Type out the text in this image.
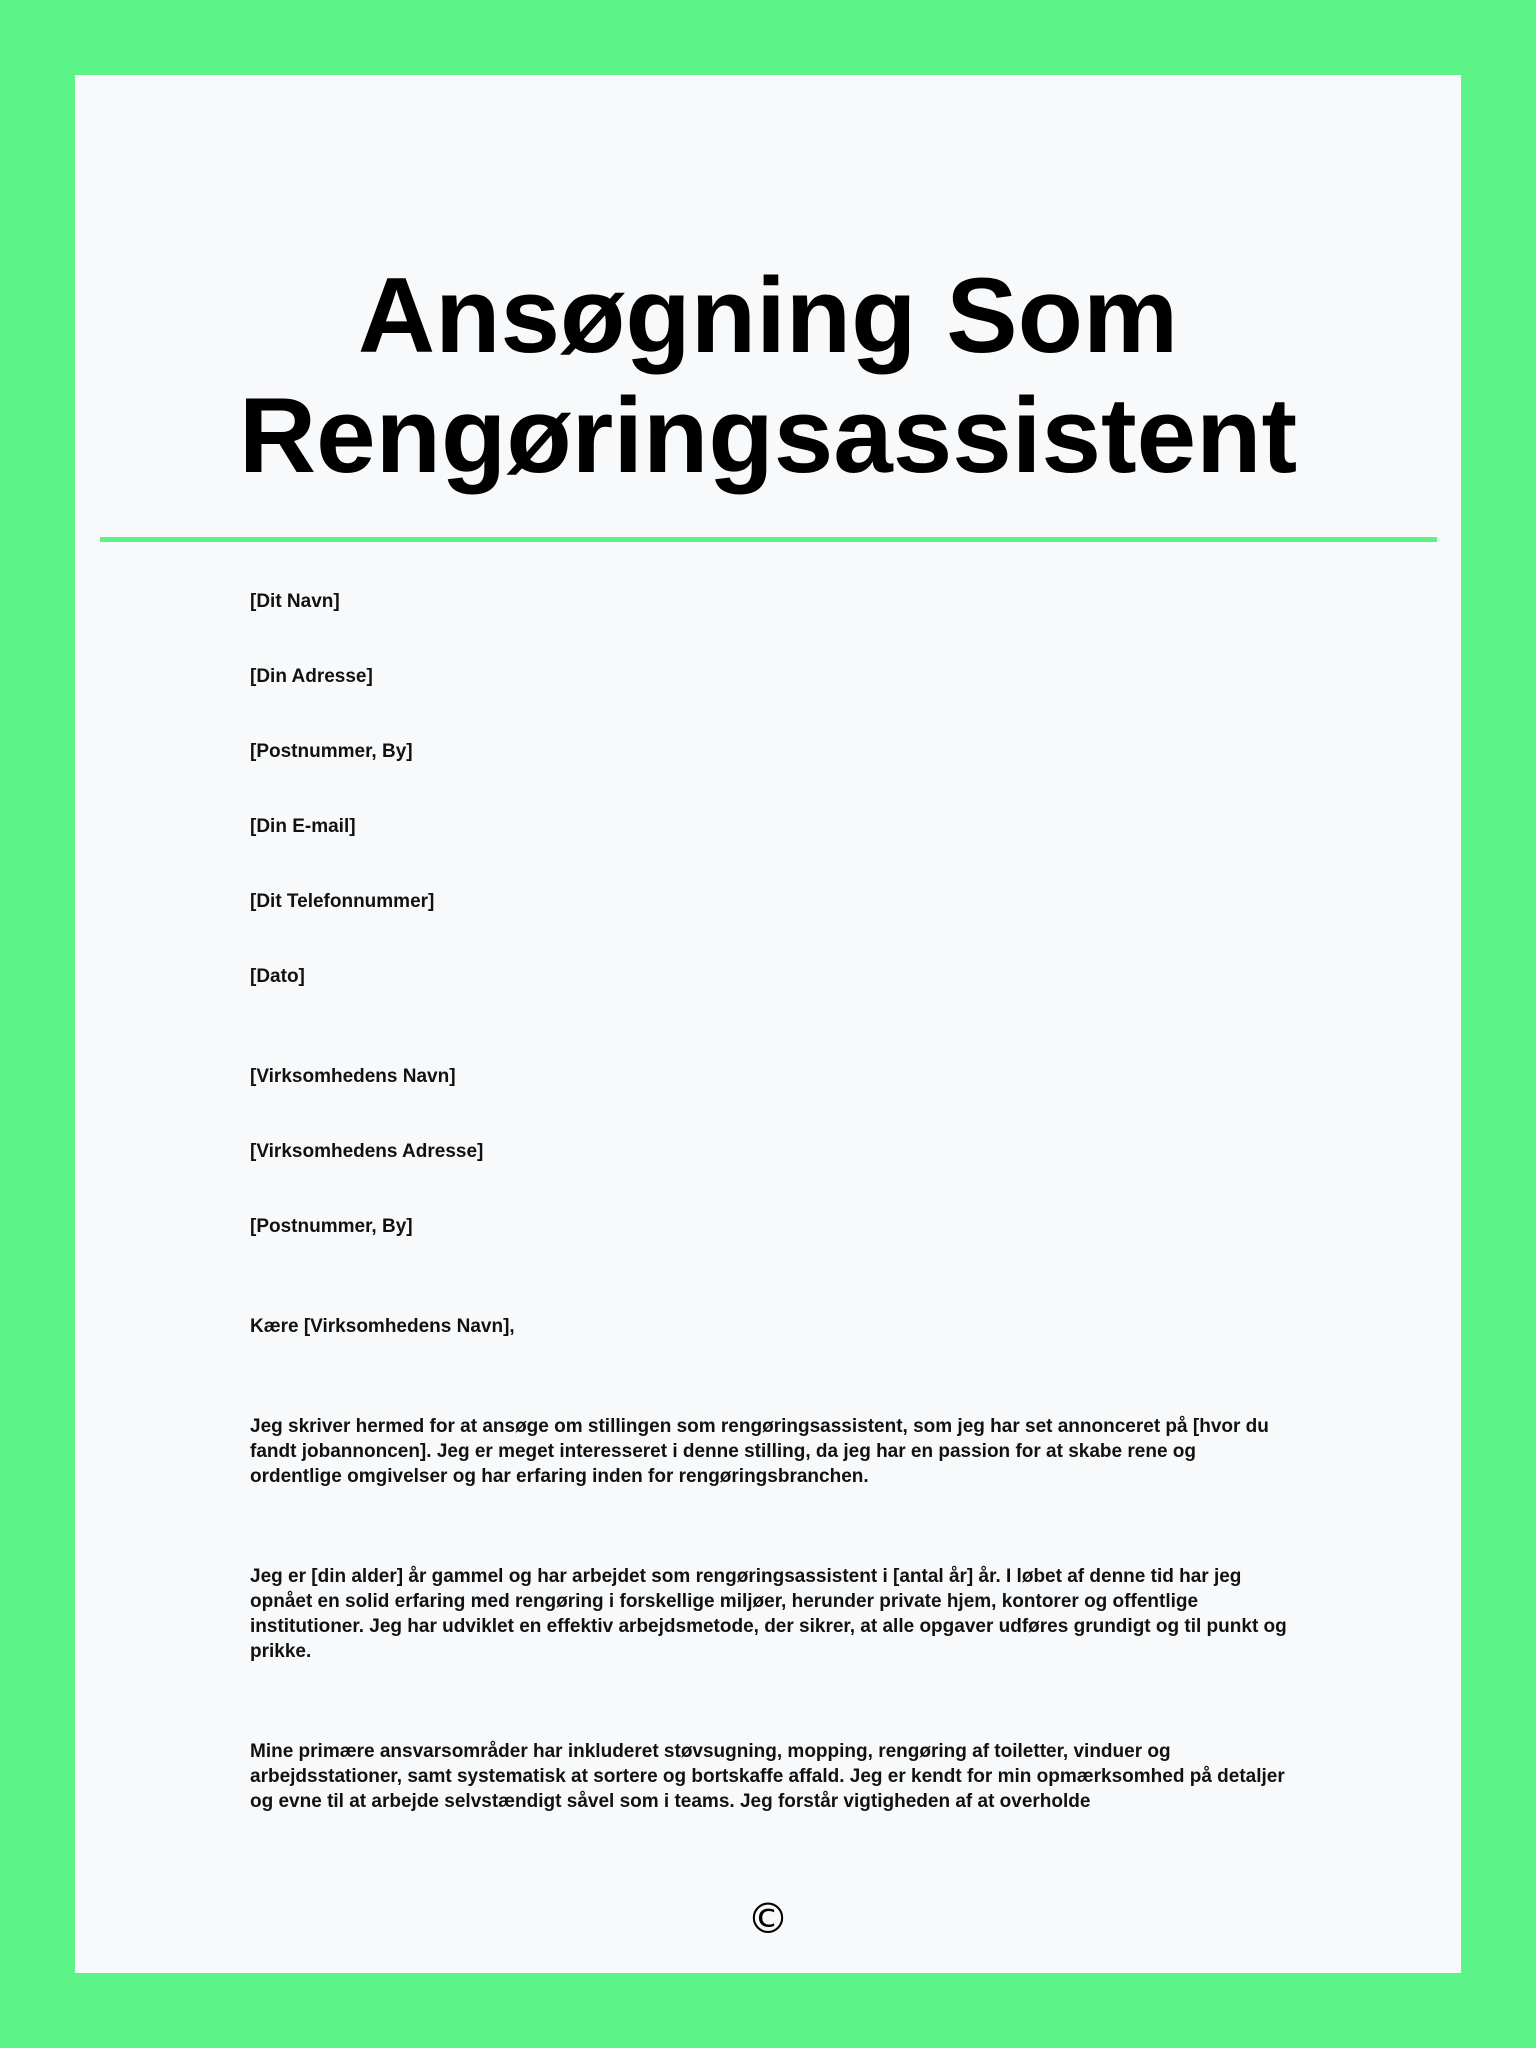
Ansøgning Som
Rengøringsassistent
[Dit Navn]
[Din Adresse]
[Postnummer, By]
[Din E-mail]
[Dit Telefonnummer]
[Dato]
[Virksomhedens Navn]
[Virksomhedens Adresse]
[Postnummer, By]
Kære [Virksomhedens Navn],
Jeg skriver hermed for at ansøge om stillingen som rengøringsassistent, som jeg har set annonceret på [hvor du fandt jobannoncen]. Jeg er meget interesseret i denne stilling, da jeg har en passion for at skabe rene og ordentlige omgivelser og har erfaring inden for rengøringsbranchen.
Jeg er [din alder] år gammel og har arbejdet som rengøringsassistent i [antal år] år. I løbet af denne tid har jeg opnået en solid erfaring med rengøring i forskellige miljøer, herunder private hjem, kontorer og offentlige institutioner. Jeg har udviklet en effektiv arbejdsmetode, der sikrer, at alle opgaver udføres grundigt og til punkt og prikke.
Mine primære ansvarsområder har inkluderet støvsugning, mopping, rengøring af toiletter, vinduer og arbejdsstationer, samt systematisk at sortere og bortskaffe affald. Jeg er kendt for min opmærksomhed på detaljer og evne til at arbejde selvstændigt såvel som i teams. Jeg forstår vigtigheden af at overholde
©
